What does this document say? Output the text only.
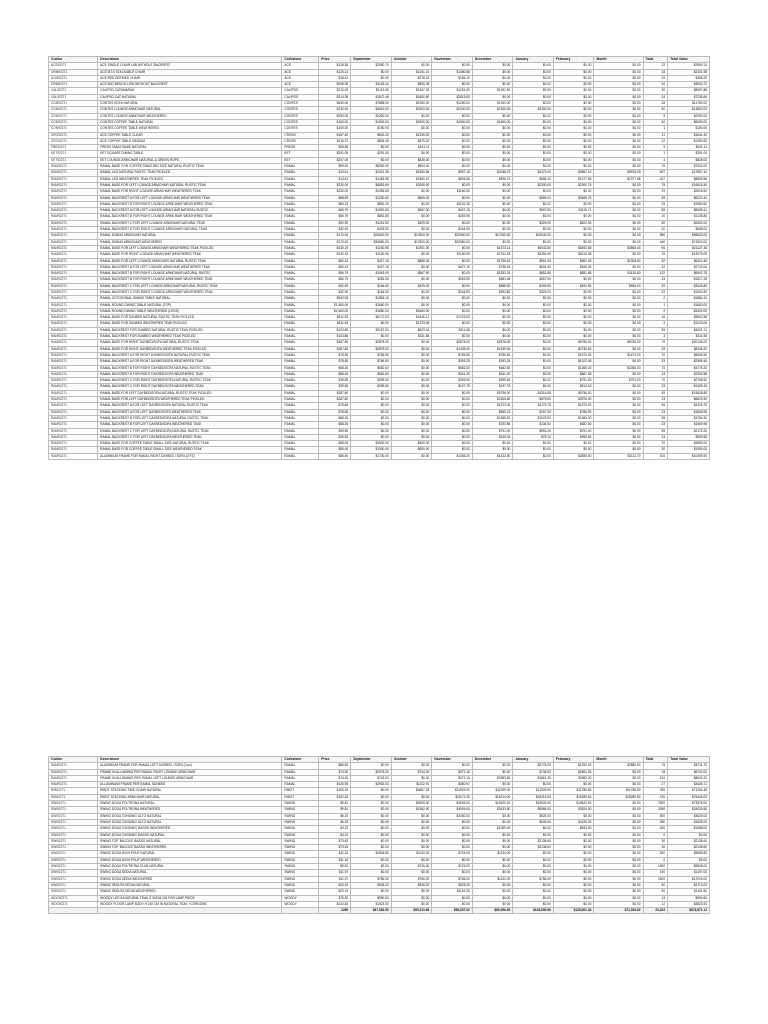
Codice	Descrizione	Collezione	Price	September	October	November	December	January	February	Month	Total	Total Value
ACS20271	ACE SINGLE CHAIR LAB WITHOUT BACKREST	ACE	$128.38	$2950.74	$0.00	$0.00	$0.00	$0.00	$0.00	$0.00	22	$2950.74
ORM92271	ACE MT.S STACKABLE CHAIR	ACE	$126.13	$0.00	$1251.10	$1380.88	$0.00	$0.00	$0.00	$0.00	18	$2331.98
ACM92271	ACE RED DEFINED CHAIR	ACE	$18.61	$0.00	$278.15	$186.10	$0.00	$0.00	$0.00	$0.00	25	$465.25
ORM92271	ACE MAT BENCH LOW WITHOUT BACKREST	ACE	$298.36	$1193.44	$895.08	$0.00	$0.00	$0.00	$0.00	$0.00	10	$4903.72
CAL92271	CALIPSO CATAMARAN	CALIPSO	$210.09	$1113.55	$1467.26	$1251.90	$1251.90	$0.00	$0.00	$0.00	30	$8957.88
CAL92271	CALIPSO CAT NATURAL	CALIPSO	$314.38	$1572.48	$1650.80	$2515.83	$0.00	$0.00	$0.00	$0.00	24	$7239.84
CON92271	CONTES SOFA NATURAL	CONTES	$630.00	$7865.00	$1260.00	$1260.00	$1260.00	$0.00	$0.00	$0.00	28	$11760.00
CON92271	CONTES LOUNGE ARMCHAIR NATURAL	CONTES	$230.00	$4610.00	$2300.00	$2300.00	$2300.00	$2300.00	$0.00	$0.00	60	$13800.00
CON92271	CONTES LOUNGE ARMCHAIR WEATHERED	CONTES	$250.00	$2250.00	$0.00	$0.00	$0.00	$0.00	$0.00	$0.00	9	$2250.00
CON92271	CONTES COFFEE TABLE NATURAL	CONTES	$150.00	$1500.00	$1500.00	$1500.00	$1500.00	$0.00	$0.00	$0.00	40	$6000.00
CON92271	CONTES COFFEE TABLE WEATHERED	CONTES	$150.00	$150.00	$0.00	$0.00	$0.00	$0.00	$0.00	$0.00	1	$150.00
CRO92271	ACE COFFEE TABLE CLEAR	CROSS	$167.40	$502.20	$1339.20	$0.00	$0.00	$0.00	$0.00	$0.00	11	$1841.40
CRO92271	ACE COFFEE TABLE MEDIUM	CROSS	$115.37	$805.45	$575.20	$0.00	$0.00	$0.00	$0.00	$0.00	12	$1380.65
FRE92271	FRESH TABLE BASE NATURAL	FRESH	$28.65	$0.00	$241.11	$0.00	$0.00	$0.00	$0.00	$0.00	9	$241.11
KET92271	KET SQUARE DINING TABLE	KET	$291.05	$291.05	$0.00	$0.00	$0.00	$0.00	$0.00	$0.00	1	$291.05
KET92271	KET LOUNGE ARMCHAIR NATURAL & GREEN ROPE	KET	$207.00	$0.00	$828.00	$0.00	$0.00	$0.00	$0.00	$0.00	4	$828.00
RAM92271	RAMAL BASE FOR COFFEE TABLE BIG SIZE NATURAL RUSTIC TEAK	RAMAL	$99.00	$6930.00	$594.00	$0.00	$0.00	$0.00	$0.00	$0.00	76	$7524.00
RAM92271	RAMAL LEG NATURAL RUSTIC TEAK PICKLED	RAMAL	$13.61	$2421.35	$1306.56	$987.15	$2038.70	$2479.40	$3967.10	$3978.09	607	$17857.42
RAM92271	RAMAL LEG WEATHERED TEAK PICKLED	RAMAL	$13.61	$1463.08	$2450.10	$806.55	$596.70	$686.10	$1377.55	$1377.58	427	$8809.56
RAM92271	RAMAL BASE FOR LEFT LOUNGE ARMCHAIR NATURAL RUSTIC TEAK	RAMAL	$230.00	$8853.66	$3265.00	$0.00	$0.00	$2300.00	$2300.75	$0.00	75	$16615.40
RAM92271	RAMAL BASE FOR RIGHT LOUNGE ARMCHAIR WEATHERED TEAK	RAMAL	$230.00	$1455.65	$0.00	$1160.95	$0.00	$0.00	$0.00	$0.00	29	$2616.60
RAM92271	RAMAL BACKREST A FOR LEFT LOUNGE ARMCHAIR WEATHERED TEAK	RAMAL	$68.59	$1290.69	$805.00	$0.00	$0.00	$659.00	$3465.75	$0.00	89	$6220.44
RAM92271	RAMAL BACKREST B FOR RIGHT LOUNGE ARMCHAIR WEATHERED TEAK	RAMAL	$84.33	$881.25	$0.00	$1101.35	$0.00	$0.00	$0.00	$0.00	25	$1982.60
RAM92271	RAMAL BACKREST A FOR LEFT LOUNGE ARMCHAIR NATURAL RUSTIC	RAMAL	$56.79	$1987.65	$967.00	$427.15	$0.00	$567.90	$1119.71	$0.00	85	$5069.41
RAM92271	RAMAL BACKREST B FOR RIGHT LOUNGE ARMCHAIR WEATHERED TEAK	RAMAL	$56.79	$851.85	$0.00	$283.95	$0.00	$0.00	$0.00	$0.00	20	$1135.80
RAM92271	RAMAL BACKREST C FOR LEFT LOUNGE ARMCHAIR NATURAL TEAK	RAMAL	$32.90	$1151.50	$329.00	$0.00	$0.00	$329.00	$822.50	$0.00	80	$2632.00
RAM92271	RAMAL BACKREST D FOR RIGHT LOUNGE ARMCHAIR NATURAL TEAK	RAMAL	$32.90	$493.50	$0.00	$164.50	$0.00	$0.00	$0.00	$0.00	20	$658.00
RAM92271	RAMAL DINING ARMCHAIR NATURAL	RAMAL	$170.00	$25520.00	$17800.00	$23460.00	$17000.00	$19040.00	$0.00	$0.00	580	$98620.00
RAM92271	RAMAL DINING ARMCHAIR WEATHERED	RAMAL	$170.00	$36880.00	$17800.00	$20080.00	$0.00	$0.00	$0.00	$0.00	440	$74520.00
RAM92271	RAMAL BASE FOR LEFT LOUNGE ARMCHAIR WEATHERED TEAK PICKLED	RAMAL	$230.19	$1150.95	$2301.90	$0.00	$4373.14	$5042.80	$5492.85	$3865.40	96	$21127.48
RAM92271	RAMAL BASE FOR RIGHT LOUNGE ARMCHAIR WEATHERED TEAK	RAMAL	$230.19	$1150.95	$0.00	$1150.95	$2762.28	$2300.49	$6214.38	$0.00	76	$13579.05
RAM92271	RAMAL BASE FOR LEFT LOUNGE ARMCHAIR NATURAL RUSTIC TEAK	RAMAL	$60.43	$427.15	$856.00	$0.00	$1756.61	$981.35	$981.35	$1308.60	92	$6310.46
RAM92271	RAMAL BACKREST A FOR LEFT LOUNGE ARMCHAIR WEATHERED TEAK	RAMAL	$60.43	$427.15	$0.00	$427.15	$798.16	$604.30	$465.30	$0.00	42	$2722.06
RAM92271	RAMAL BACKREST B FOR RIGHT LOUNGE ARMCHAIR NATURAL RUSTIC	RAMAL	$56.79	$1963.05	$567.90	$0.00	$1533.33	$851.85	$851.85	$1135.80	122	$6903.78
RAM92271	RAMAL BACKREST B FOR RIGHT LOUNGE ARMCHAIR WEATHERED TEAK	RAMAL	$56.79	$283.95	$0.00	$283.95	$681.48	$567.90	$0.00	$0.00	33	$1817.28
RAM92271	RAMAL BACKREST C FOR LEFT LOUNGE ARMCHAIR NATURAL RUSTIC TEAK	RAMAL	$32.90	$164.50	$329.00	$0.00	$888.30	$493.50	$493.50	$658.00	92	$3026.80
RAM92271	RAMAL BACKREST C FOR RIGHT LOUNGE ARMCHAIR WEATHERED TEAK	RAMAL	$32.90	$164.50	$0.00	$164.50	$394.80	$329.00	$0.00	$0.00	32	$1052.80
RAM92271	RAMAL OCTOGONAL DINING TABLE NATURAL	RAMAL	$942.05	$1884.10	$0.00	$0.00	$0.00	$0.00	$0.00	$0.00	2	$1884.10
RAM92271	RAMAL ROUND DINING TABLE NATURAL (TOP)	RAMAL	$1,660.00	$1660.00	$0.00	$0.00	$0.00	$0.00	$0.00	$0.00	1	$1660.00
RAM92271	RAMAL ROUND DINING TABLE WEATHERED (LEGS)	RAMAL	$1,660.00	$1660.00	$1660.00	$0.00	$0.00	$0.00	$0.00	$0.00	2	$3320.00
RAM92271	RAMAL BASE FOR SUNBED NATURAL RUSTIC TEAK PICKLED	RAMAL	$611.53	$6172.93	$2446.12	$1223.53	$0.00	$0.00	$0.00	$0.00	16	$9842.58
RAM92271	RAMAL BASE FOR SUNBED WEATHERED TEAK PICKLED	RAMAL	$611.53	$0.00	$1223.06	$0.00	$0.00	$0.00	$0.00	$0.00	2	$1223.06
RAM92271	RAMAL BACKREST FOR SUNBED NATURAL RUSTIC TEAK PICKLED	RAMAL	$103.86	$3157.00	$623.16	$311.58	$0.00	$0.00	$0.00	$0.00	39	$4091.74
RAM92271	RAMAL BACKREST FOR SUNBED WEATHERED TEAK PICKLED	RAMAL	$103.86	$0.00	$311.58	$0.00	$0.00	$0.00	$0.00	$0.00	3	$311.58
RAM92271	RAMAL BASE FOR RIGHT DAYBED/SOFA NATURAL RUSTIC TEAK	RAMAL	$287.80	$2878.00	$0.00	$2878.00	$2878.00	$0.00	$5756.00	$5756.00	70	$20146.00
RAM92271	RAMAL BASE FOR RIGHT DAYBED/SOFA WEATHERED TEAK PICKLED	RAMAL	$287.80	$2878.00	$0.00	$1439.00	$1439.00	$0.00	$2735.50	$0.00	29	$8346.20
RAM92271	RAMAL BACKREST A FOR RIGHT DAYBED/SOFA NATURAL RUSTIC TEAK	RAMAL	$78.65	$786.50	$0.00	$786.50	$786.50	$0.00	$1573.00	$1573.00	70	$5505.50
RAM92271	RAMAL BACKREST A FOR RIGHT DAYBED/SOFA WEATHERED TEAK	RAMAL	$78.65	$786.50	$0.00	$393.25	$393.25	$0.00	$1022.45	$0.00	33	$2595.45
RAM92271	RAMAL BACKREST B FOR RIGHT DAYBED/SOFA NATURAL RUSTIC TEAK	RAMAL	$68.26	$682.60	$0.00	$682.60	$682.60	$0.00	$1365.20	$1365.20	70	$4778.20
RAM92271	RAMAL BACKREST B FOR RIGHT DAYBED/SOFA WEATHERED TEAK	RAMAL	$68.26	$682.60	$0.00	$341.30	$341.30	$0.00	$887.38	$0.00	33	$2252.58
RAM92271	RAMAL BACKREST C FOR RIGHT DAYBED/SOFA NATURAL RUSTIC TEAK	RAMAL	$39.55	$395.50	$0.00	$395.50	$395.50	$0.00	$791.00	$791.00	70	$2768.50
RAM92271	RAMAL BACKREST C FOR RIGHT DAYBED/SOFA WEATHERED TEAK	RAMAL	$39.55	$395.50	$0.00	$197.75	$197.75	$0.00	$514.15	$0.00	33	$1305.15
RAM92271	RAMAL BASE FOR LEFT DAYBED/SOFA NATURAL RUSTIC TEAK PICKLED	RAMAL	$287.80	$0.00	$0.00	$0.00	$5756.00	$4316.85	$5756.00	$0.00	55	$15828.85
RAM92271	RAMAL BASE FOR LEFT DAYBED/SOFA WEATHERED TEAK PICKLED	RAMAL	$287.80	$0.00	$0.00	$0.00	$3165.80	$575.60	$2878.00	$0.00	23	$6619.40
RAM92271	RAMAL BACKREST A FOR LEFT DAYBED/SOFA NATURAL RUSTIC TEAK	RAMAL	$78.65	$0.00	$0.00	$0.00	$1573.00	$1179.75	$1573.00	$0.00	55	$4325.75
RAM92271	RAMAL BACKREST A FOR LEFT DAYBED/SOFA WEATHERED TEAK	RAMAL	$78.65	$0.00	$0.00	$0.00	$865.15	$157.30	$786.50	$0.00	23	$1808.95
RAM92271	RAMAL BACKREST B FOR LEFT DAYBED/SOFA NATURAL RUSTIC TEAK	RAMAL	$68.26	$0.00	$0.00	$0.00	$1365.20	$1023.90	$1365.20	$0.00	55	$3754.30
RAM92271	RAMAL BACKREST B FOR LEFT DAYBED/SOFA WEATHERED TEAK	RAMAL	$68.26	$0.00	$0.00	$0.00	$750.86	$136.52	$682.60	$0.00	23	$1569.98
RAM92271	RAMAL BACKREST C FOR LEFT DAYBED/SOFA NATURAL RUSTIC TEAK	RAMAL	$39.55	$0.00	$0.00	$0.00	$791.00	$593.25	$791.00	$0.00	55	$2175.25
RAM92271	RAMAL BACKREST C FOR LEFT DAYBED/SOFA WEATHERED TEAK	RAMAL	$39.55	$0.00	$0.00	$0.00	$435.05	$79.10	$395.50	$0.00	23	$909.65
RAM92271	RAMAL BASE FOR COFFEE TABLE SMALL SIZE NATURAL RUSTIC TEAK	RAMAL	$65.00	$3900.00	$650.00	$0.00	$0.00	$0.00	$0.00	$0.00	70	$4550.00
RAM92271	RAMAL BASE FOR COFFEE TABLE SMALL SIZE WEATHERED TEAK	RAMAL	$65.00	$1300.00	$650.00	$0.00	$0.00	$0.00	$0.00	$0.00	30	$1950.00
RAM92271	ALUMINIUM FRAME FOR RAMAL RIGHT DAYBED / SOFA (2 PZ)	RAMAL	$86.50	$1730.00	$0.00	$1365.20	$1432.50	$0.00	$2855.50	$3112.70	104	$10495.90
Codice	Descrizione	Collezione	Price	September	October	November	December	January	February	Month	Total	Total Value
RAM92271	ALUMINIUM FRAME FOR RAMAL LEFT DAYBED / SOFA (2 pz)	RAMAL	$86.50	$0.00	$0.00	$0.00	$0.00	$2778.20	$1253.00	$2880.50	75	$6711.70
RAM92271	FRAME IN ALLUMINIO PER RAMAL RIGHT LOUNGE ARMCHAIR	RAMAL	$74.30	$2978.00	$743.00	$372.15	$0.00	$748.50	$1861.35	$0.00	78	$6702.00
RAM92271	FRAME IN ALLUMINIO PER RAMAL LEFT LOUNGE ARMCHAIR	RAMAL	$74.30	$743.00	$0.00	$372.15	$2983.50	$1861.35	$2983.20	$0.00	134	$8943.20
RAM92271	ALLUMINIUM FRAME PER RAMAL SUNBED	RAMAL	$126.95	$2963.03	$1142.91	$380.97	$0.00	$0.00	$0.00	$0.00	27	$3426.71
RIB92271	RIBOT STACKING SIDE CHAIR NATURAL	RIBOT	$159.29	$0.00	$4867.28	$11929.00	$11929.00	$11929.00	$11786.80	$11786.80	335	$71254.48
RIB92271	RIBOT STACKING ARMCHAIR NATURAL	RIBOT	$152.18	$0.00	$0.00	$11171.30	$15214.00	$15214.00	$15289.60	$15289.50	476	$76444.00
SWI92271	SWING DOGA POLTRONA NATURAL	SWING	$9.81	$0.00	$4905.00	$4905.00	$19620.00	$19620.00	$19620.00	$0.00	7500	$73575.00
SWI92271	SWING DOGA POLTRONA WEATHERED	SWING	$9.81	$0.00	$1962.00	$4905.00	$3433.50	$9986.00	$3924.00	$0.00	2450	$24033.50
SWI92271	SWING DOGA 'DIVIDING' ALTO NATURAL	SWING	$6.25	$0.00	$0.00	$3350.00	$0.00	$525.00	$0.00	$0.00	800	$3625.00
SWI92271	SWING DOGA 'DIVIDING' ALTO NATURAL	SWING	$6.25	$0.00	$0.00	$0.00	$0.00	$500.00	$1125.00	$0.00	280	$1625.00
SWI92271	SWING DOGA 'DIVIDING' BASSO WEATHERED	SWING	$4.22	$0.00	$0.00	$0.00	$1055.00	$0.00	$633.00	$0.00	400	$1688.00
SWI92271	SWING DOGA 'DIVIDING' BASSO NATURAL	SWING	$4.22	$0.00	$0.00	$0.00	$0.00	$0.00	$0.00	$0.00	0	$0.00
SWI92271	SWING TOP 'BUCOLE' BASSO NATURAL	SWING	$73.63	$0.00	$0.00	$0.00	$0.00	$2138.60	$0.00	$0.00	30	$2138.60
SWI92271	SWING TOP 'BUCOLE' BASSO WEATHERED	SWING	$73.63	$0.00	$0.00	$0.00	$0.00	$2138.60	$0.00	$0.00	30	$2138.60
SWI92271	SWING DOGA HIGH POUF NATURAL	SWING	$11.34	$2836.80	$1134.00	$794.00	$1134.00	$0.00	$0.00	$0.00	520	$5898.80
SWI92271	SWING DOGA HIGH POUF WEATHERED	SWING	$11.34	$0.00	$0.00	$0.00	$0.00	$0.00	$0.00	$0.00	0	$0.00
SWI92271	SWING DOGA POLTRONA CLUB NATURAL	SWING	$9.81	$0.00	$726.00	$726.00	$0.00	$0.00	$0.00	$0.00	1900	$9828.00
SWI92271	SWING DOGA SEDIA NATURAL	SWING	$11.97	$0.00	$0.00	$0.00	$0.00	$0.00	$0.00	$0.00	100	$1197.00
SWI92271	SWING DOGA SEDIA WEATHERED	SWING	$11.97	$786.00	$786.00	$786.00	$1130.00	$786.00	$0.00	$0.00	1600	$17016.00
SWI92271	SWING SEDUTA SEDIA NATURAL	SWING	$23.19	$928.20	$928.20	$928.20	$0.00	$0.00	$0.00	$0.00	60	$3713.00
SWI92271	SWING SEDUTA SEDIA WEATHERED	SWING	$23.19	$0.00	$0.00	$1161.50	$0.00	$0.00	$0.00	$0.00	50	$1161.50
WOO92271	WOODY LED IN NATURAL TEAK S 34X34 CM FOR LAMP PIEDE	WOODY	$76.20	$990.00	$0.00	$0.00	$0.00	$0.00	$0.00	$0.00	13	$990.60
WOO92271	WOODY FLOOR LAMP BODY H 140 CM IN NATURAL TEAK +CORDONE	WOODY	$310.83	$1923.00	$0.00	$0.00	$0.00	$0.00	$0.00	$0.00	12	$3823.93
			2250	$67,083.50	$95,313.66	$98,837.62	$89,956.00	$126,630.96	$128,001.33	$71,093.62	23,202	$676,871.12
